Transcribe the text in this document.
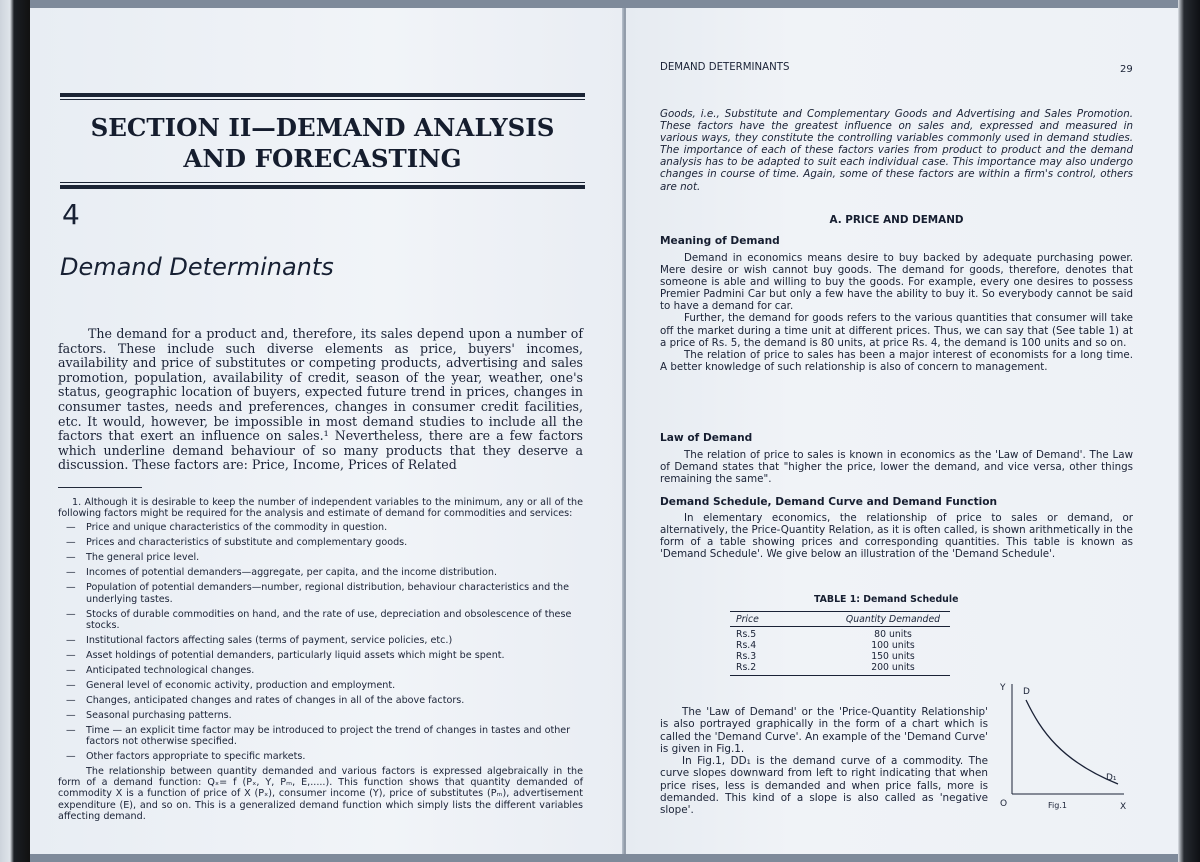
SECTION II—DEMAND ANALYSIS AND FORECASTING
4
Demand Determinants
The demand for a product and, therefore, its sales depend upon a number of factors. These include such diverse elements as price, buyers' incomes, availability and price of substitutes or competing products, advertising and sales promotion, population, availability of credit, season of the year, weather, one's status, geographic location of buyers, expected future trend in prices, changes in consumer tastes, needs and preferences, changes in consumer credit facilities, etc. It would, however, be impossible in most demand studies to include all the factors that exert an influence on sales.¹ Nevertheless, there are a few factors which underline demand behaviour of so many products that they deserve a discussion. These factors are: Price, Income, Prices of Related
1. Although it is desirable to keep the number of independent variables to the minimum, any or all of the following factors might be required for the analysis and estimate of demand for commodities and services:
— Price and unique characteristics of the commodity in question.
— Prices and characteristics of substitute and complementary goods.
— The general price level.
— Incomes of potential demanders—aggregate, per capita, and the income distribution.
— Population of potential demanders—number, regional distribution, behaviour characteristics and the underlying tastes.
— Stocks of durable commodities on hand, and the rate of use, depreciation and obsolescence of these stocks.
— Institutional factors affecting sales (terms of payment, service policies, etc.)
— Asset holdings of potential demanders, particularly liquid assets which might be spent.
— Anticipated technological changes.
— General level of economic activity, production and employment.
— Changes, anticipated changes and rates of changes in all of the above factors.
— Seasonal purchasing patterns.
— Time — an explicit time factor may be introduced to project the trend of changes in tastes and other factors not otherwise specified.
— Other factors appropriate to specific markets.
The relationship between quantity demanded and various factors is expressed algebraically in the form of a demand function: Qₓ= f (Pₓ, Y, Pₘ, E,.....). This function shows that quantity demanded of commodity X is a function of price of X (Pₓ), consumer income (Y), price of substitutes (Pₘ), advertisement expenditure (E), and so on. This is a generalized demand function which simply lists the different variables affecting demand.
DEMAND DETERMINANTS	29

Goods, i.e., Substitute and Complementary Goods and Advertising and Sales Promotion. These factors have the greatest influence on sales and, expressed and measured in various ways, they constitute the controlling variables commonly used in demand studies. The importance of each of these factors varies from product to product and the demand analysis has to be adapted to suit each individual case. This importance may also undergo changes in course of time. Again, some of these factors are within a firm's control, others are not.

A. PRICE AND DEMAND
Meaning of Demand

Demand in economics means desire to buy backed by adequate purchasing power. Mere desire or wish cannot buy goods. The demand for goods, therefore, denotes that someone is able and willing to buy the goods. For example, every one desires to possess Premier Padmini Car but only a few have the ability to buy it. So everybody cannot be said to have a demand for car.

Further, the demand for goods refers to the various quantities that consumer will take off the market during a time unit at different prices. Thus, we can say that (See table 1) at a price of Rs. 5, the demand is 80 units, at price Rs. 4, the demand is 100 units and so on.

The relation of price to sales has been a major interest of economists for a long time. A better knowledge of such relationship is also of concern to management.

Law of Demand

The relation of price to sales is known in economics as the 'Law of Demand'. The Law of Demand states that "higher the price, lower the demand, and vice versa, other things remaining the same".

Demand Schedule, Demand Curve and Demand Function

In elementary economics, the relationship of price to sales or demand, or alternatively, the Price-Quantity Relation, as it is often called, is shown arithmetically in the form of a table showing prices and corresponding quantities. This table is known as 'Demand Schedule'. We give below an illustration of the 'Demand Schedule'.

TABLE 1: Demand Schedule
Price	Quantity Demanded
Rs.5	80 units
Rs.4	100 units
Rs.3	150 units
Rs.2	200 units

The 'Law of Demand' or the 'Price-Quantity Relationship' is also portrayed graphically in the form of a chart which is called the 'Demand Curve'. An example of the 'Demand Curve' is given in Fig.1.

In Fig.1, DD₁ is the demand curve of a commodity. The curve slopes downward from left to right indicating that when price rises, less is demanded and when price falls, more is demanded. This kind of a slope is also called as 'negative slope'.

Y
X
O
D
D₁
Fig.1
